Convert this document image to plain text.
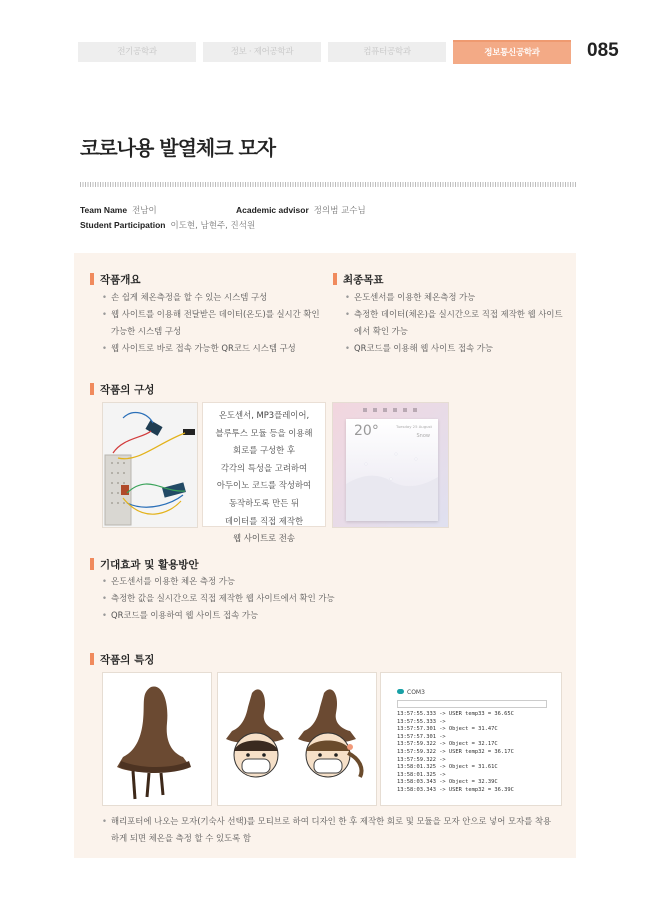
전기공학과	정보 · 제어공학과	컴퓨터공학과	정보통신공학과	085
코로나용 발열체크 모자
Team Name 전남이	Academic advisor 정의범 교수님
Student Participation 이도현, 남현주, 진석원
작품개요
• 손 쉽게 체온측정을 할 수 있는 시스템 구성
• 웹 사이트를 이용해 전달받은 데이터(온도)를 실시간 확인
가능한 시스템 구성
• 웹 사이트로 바로 접속 가능한 QR코드 시스템 구성
최종목표
• 온도센서를 이용한 체온측정 가능
• 측정한 데이터(체온)을 실시간으로 직접 제작한 웹 사이트
에서 확인 가능
• QR코드를 이용해 웹 사이트 접속 가능
작품의 구성
온도센서, MP3플레이어,
블루투스 모듈 등을 이용해
회로를 구성한 후
각각의 특성을 고려하여
아두이노 코드를 작성하여
동작하도록 만든 뒤
데이터를 직접 제작한
웹 사이트로 전송
20°	Tuesday 25 August
Snow
기대효과 및 활용방안
• 온도센서를 이용한 체온 측정 가능
• 측정한 값을 실시간으로 직접 제작한 웹 사이트에서 확인 가능
• QR코드를 이용하여 웹 사이트 접속 가능
작품의 특징
COM3
13:57:55.333 -> USER temp33 = 36.65C
13:57:55.333 ->
13:57:57.301 -> Object = 31.47C
13:57:57.301 ->
13:57:59.322 -> Object = 32.17C
13:57:59.322 -> USER temp32 = 36.17C
13:57:59.322 ->
13:58:01.325 -> Object = 31.61C
13:58:01.325 ->
13:58:03.343 -> Object = 32.39C
13:58:03.343 -> USER temp32 = 36.39C
• 해리포터에 나오는 모자(기숙사 선택)를 모티브로 하여 디자인 한 후 제작한 회로 및 모듈을 모자 안으로 넣어 모자를 착용
하게 되면 체온을 측정 할 수 있도록 함
